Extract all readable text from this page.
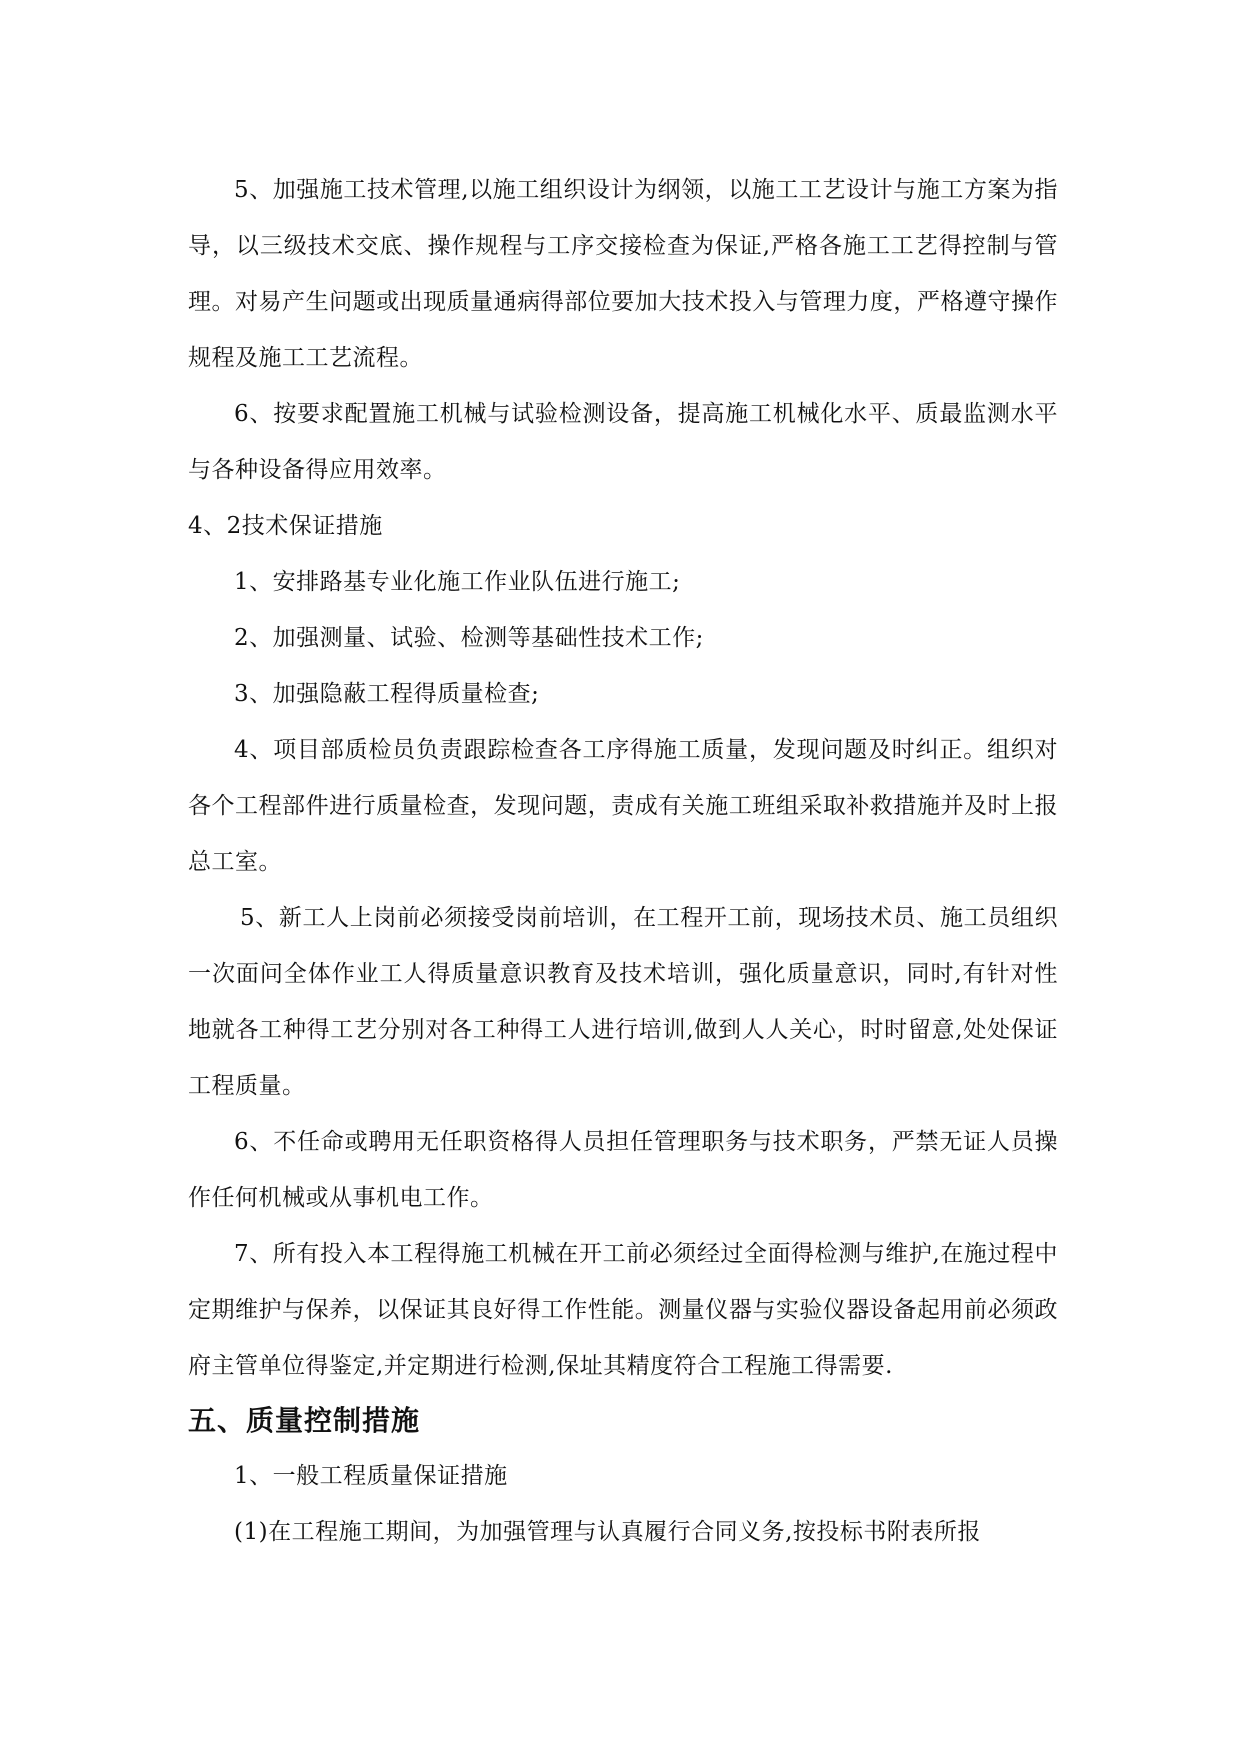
5、加强施工技术管理,以施工组织设计为纲领，以施工工艺设计与施工方案为指导，以三级技术交底、操作规程与工序交接检查为保证,严格各施工工艺得控制与管理。对易产生问题或出现质量通病得部位要加大技术投入与管理力度，严格遵守操作规程及施工工艺流程。

6、按要求配置施工机械与试验检测设备，提高施工机械化水平、质最监测水平与各种设备得应用效率。

4、2技术保证措施

1、安排路基专业化施工作业队伍进行施工;

2、加强测量、试验、检测等基础性技术工作;

3、加强隐蔽工程得质量检查;

4、项目部质检员负责跟踪检查各工序得施工质量，发现问题及时纠正。组织对各个工程部件进行质量检查，发现问题，责成有关施工班组采取补救措施并及时上报总工室。

5、新工人上岗前必须接受岗前培训，在工程开工前，现场技术员、施工员组织一次面问全体作业工人得质量意识教育及技术培训，强化质量意识，同时,有针对性地就各工种得工艺分别对各工种得工人进行培训,做到人人关心，时时留意,处处保证工程质量。

6、不任命或聘用无任职资格得人员担任管理职务与技术职务，严禁无证人员操作任何机械或从事机电工作。

7、所有投入本工程得施工机械在开工前必须经过全面得检测与维护,在施过程中定期维护与保养，以保证其良好得工作性能。测量仪器与实验仪器设备起用前必须政府主管单位得鉴定,并定期进行检测,保址其精度符合工程施工得需要.

五、质量控制措施

1、一般工程质量保证措施

(1)在工程施工期间，为加强管理与认真履行合同义务,按投标书附表所报
